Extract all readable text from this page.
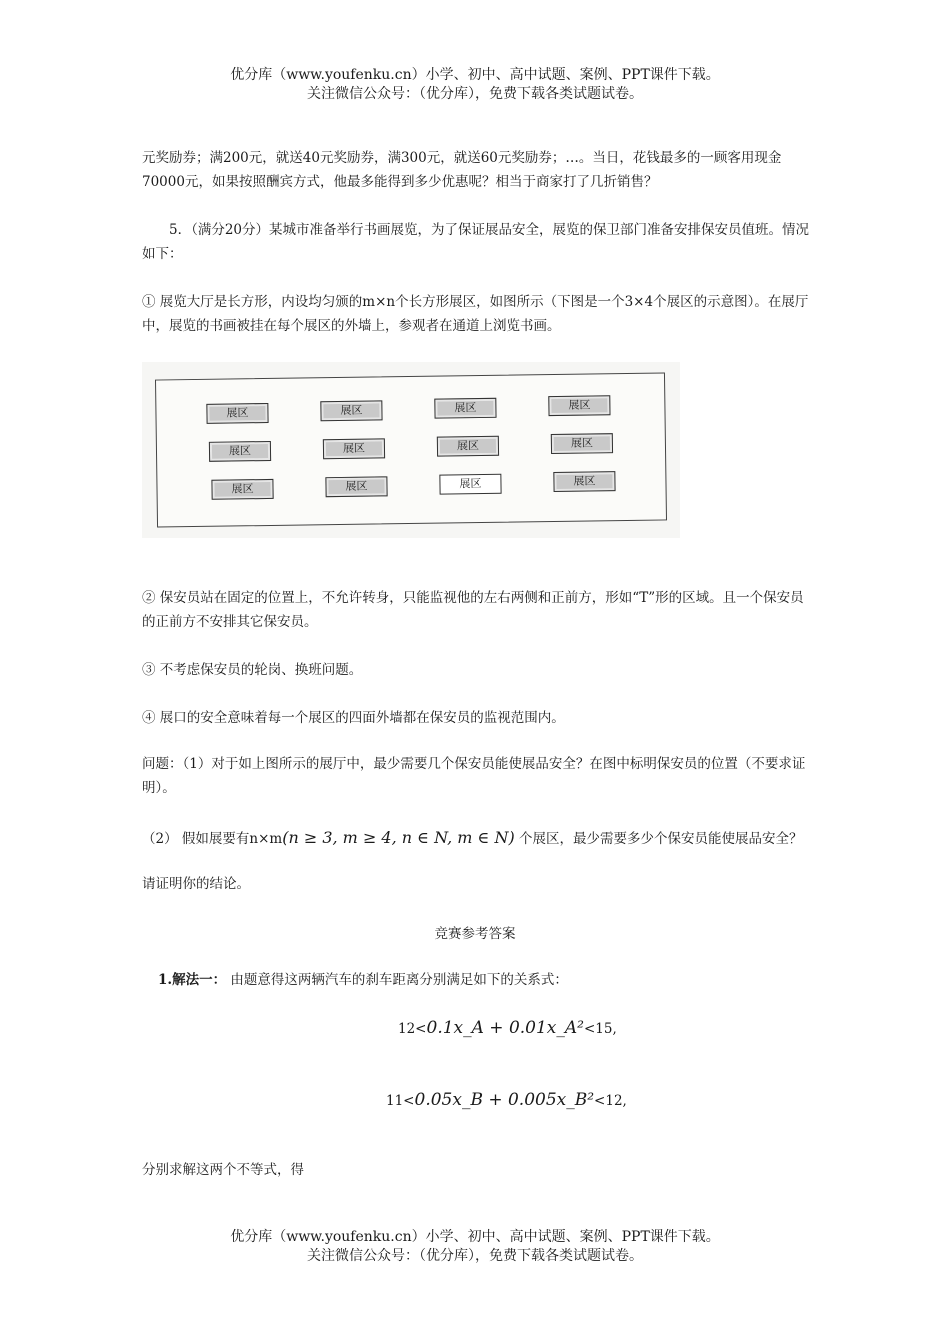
优分库（www.youfenku.cn）小学、初中、高中试题、案例、PPT课件下载。
关注微信公众号：（优分库），免费下载各类试题试卷。

元奖励券；满200元，就送40元奖励券，满300元，就送60元奖励券；…。当日，花钱最多的一顾客用现金70000元，如果按照酬宾方式，他最多能得到多少优惠呢？相当于商家打了几折销售？

　　5．（满分20分）某城市准备举行书画展览，为了保证展品安全，展览的保卫部门准备安排保安员值班。情况如下：

① 展览大厅是长方形，内设均匀颁的m×n个长方形展区，如图所示（下图是一个3×4个展区的示意图）。在展厅中，展览的书画被挂在每个展区的外墙上，参观者在通道上浏览书画。

展区	展区	展区	展区
展区	展区	展区	展区
展区	展区	展区	展区

② 保安员站在固定的位置上，不允许转身，只能监视他的左右两侧和正前方，形如“T”形的区域。且一个保安员的正前方不安排其它保安员。

③ 不考虑保安员的轮岗、换班问题。

④ 展口的安全意味着每一个展区的四面外墙都在保安员的监视范围内。

问题：（1）对于如上图所示的展厅中，最少需要几个保安员能使展品安全？在图中标明保安员的位置（不要求证明）。

（2） 假如展要有n×m(n ≥ 3, m ≥ 4, n ∈ N, m ∈ N) 个展区，最少需要多少个保安员能使展品安全？

请证明你的结论。

竞赛参考答案

1.解法一： 由题意得这两辆汽车的刹车距离分别满足如下的关系式：

12<0.1x_A + 0.01x_A²<15,
11<0.05x_B + 0.005x_B²<12,

分别求解这两个不等式，得

优分库（www.youfenku.cn）小学、初中、高中试题、案例、PPT课件下载。
关注微信公众号：（优分库），免费下载各类试题试卷。
